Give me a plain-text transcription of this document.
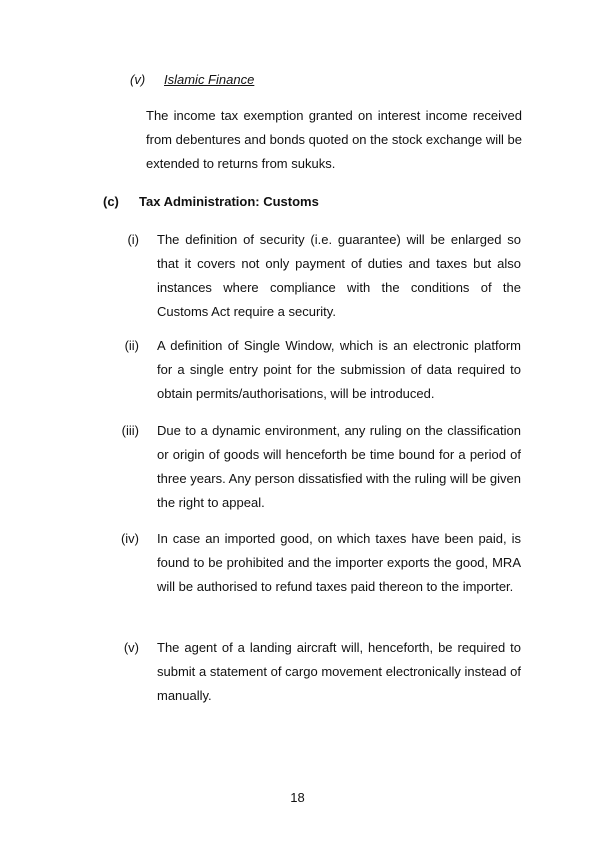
(v) Islamic Finance
The income tax exemption granted on interest income received from debentures and bonds quoted on the stock exchange will be extended to returns from sukuks.
(c) Tax Administration: Customs
(i) The definition of security (i.e. guarantee) will be enlarged so that it covers not only payment of duties and taxes but also instances where compliance with the conditions of the Customs Act require a security.
(ii) A definition of Single Window, which is an electronic platform for a single entry point for the submission of data required to obtain permits/authorisations, will be introduced.
(iii) Due to a dynamic environment, any ruling on the classification or origin of goods will henceforth be time bound for a period of three years. Any person dissatisfied with the ruling will be given the right to appeal.
(iv) In case an imported good, on which taxes have been paid, is found to be prohibited and the importer exports the good, MRA will be authorised to refund taxes paid thereon to the importer.
(v) The agent of a landing aircraft will, henceforth, be required to submit a statement of cargo movement electronically instead of manually.
18
